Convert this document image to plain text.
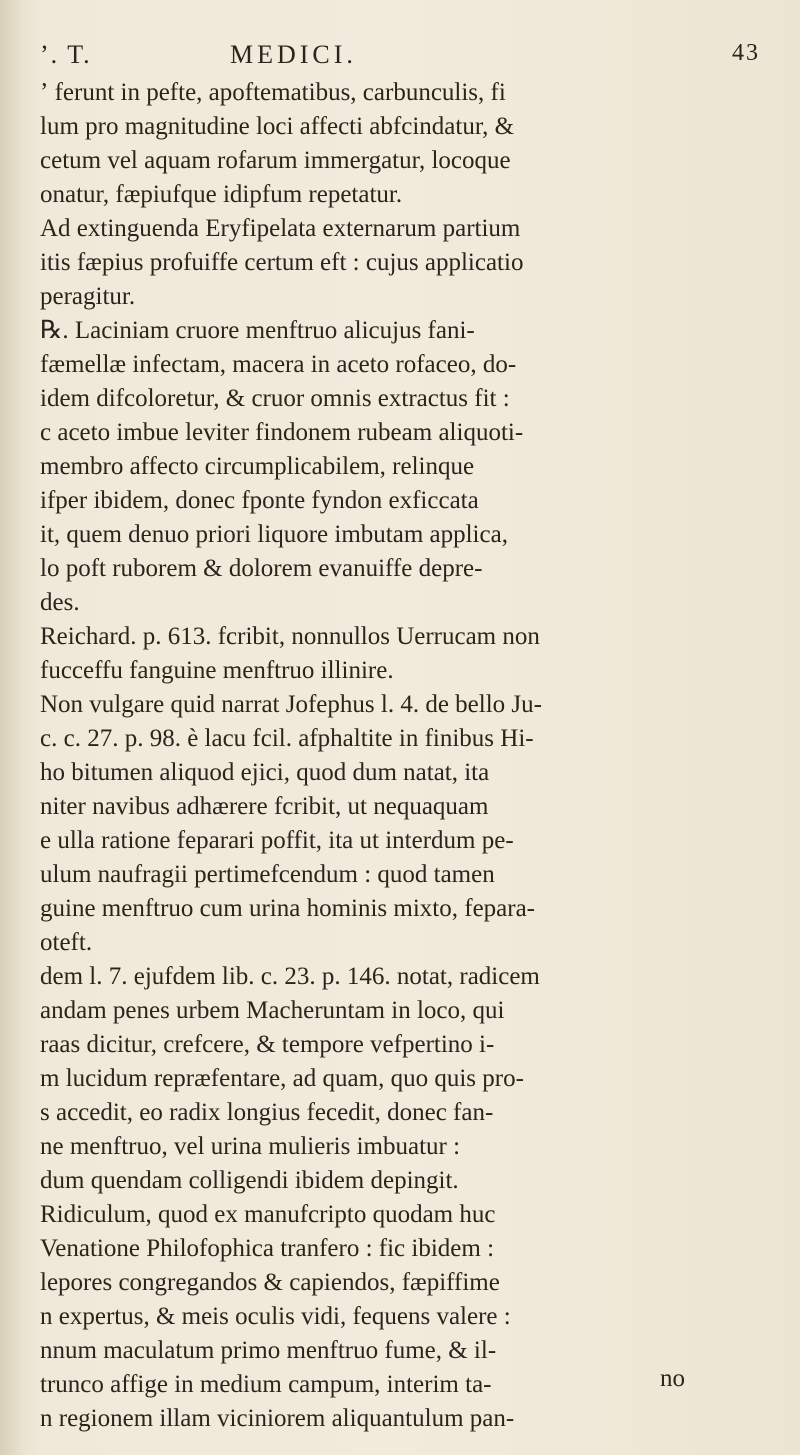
ʼ. T.	MEDICI.	43
ʼ ferunt in pefte, apoftematibus, carbunculis, fi
lum pro magnitudine loci affecti abfcindatur, &
cetum vel aquam rofarum immergatur, locoque
onatur, fæpiufque idipfum repetatur.
Ad extinguenda Eryfipelata externarum partium
itis fæpius profuiffe certum eft : cujus applicatio
peragitur.
℞. Laciniam cruore menftruo alicujus fani-
fæmellæ infectam, macera in aceto rofaceo, do-
idem difcoloretur, & cruor omnis extractus fit :
c aceto imbue leviter findonem rubeam aliquoti-
membro affecto circumplicabilem, relinque
ifper ibidem, donec fponte fyndon exficcata
it, quem denuo priori liquore imbutam applica,
lo poft ruborem & dolorem evanuiffe depre-
des.
Reichard. p. 613. fcribit, nonnullos Uerrucam non
fucceffu fanguine menftruo illinire.
Non vulgare quid narrat Jofephus l. 4. de bello Ju-
c. c. 27. p. 98. è lacu fcil. afphaltite in finibus Hi-
ho bitumen aliquod ejici, quod dum natat, ita
niter navibus adhærere fcribit, ut nequaquam
e ulla ratione feparari poffit, ita ut interdum pe-
ulum naufragii pertimefcendum : quod tamen
guine menftruo cum urina hominis mixto, fepara-
oteft.
dem l. 7. ejufdem lib. c. 23. p. 146. notat, radicem
andam penes urbem Macheruntam in loco, qui
raas dicitur, crefcere, & tempore vefpertino i-
m lucidum repræfentare, ad quam, quo quis pro-
s accedit, eo radix longius fecedit, donec fan-
ne menftruo, vel urina mulieris imbuatur :
dum quendam colligendi ibidem depingit.
Ridiculum, quod ex manufcripto quodam huc
Venatione Philofophica tranfero : fic ibidem :
lepores congregandos & capiendos, fæpiffime
n expertus, & meis oculis vidi, fequens valere :
nnum maculatum primo menftruo fume, & il-
trunco affige in medium campum, interim ta-
n regionem illam viciniorem aliquantulum pan-
no
